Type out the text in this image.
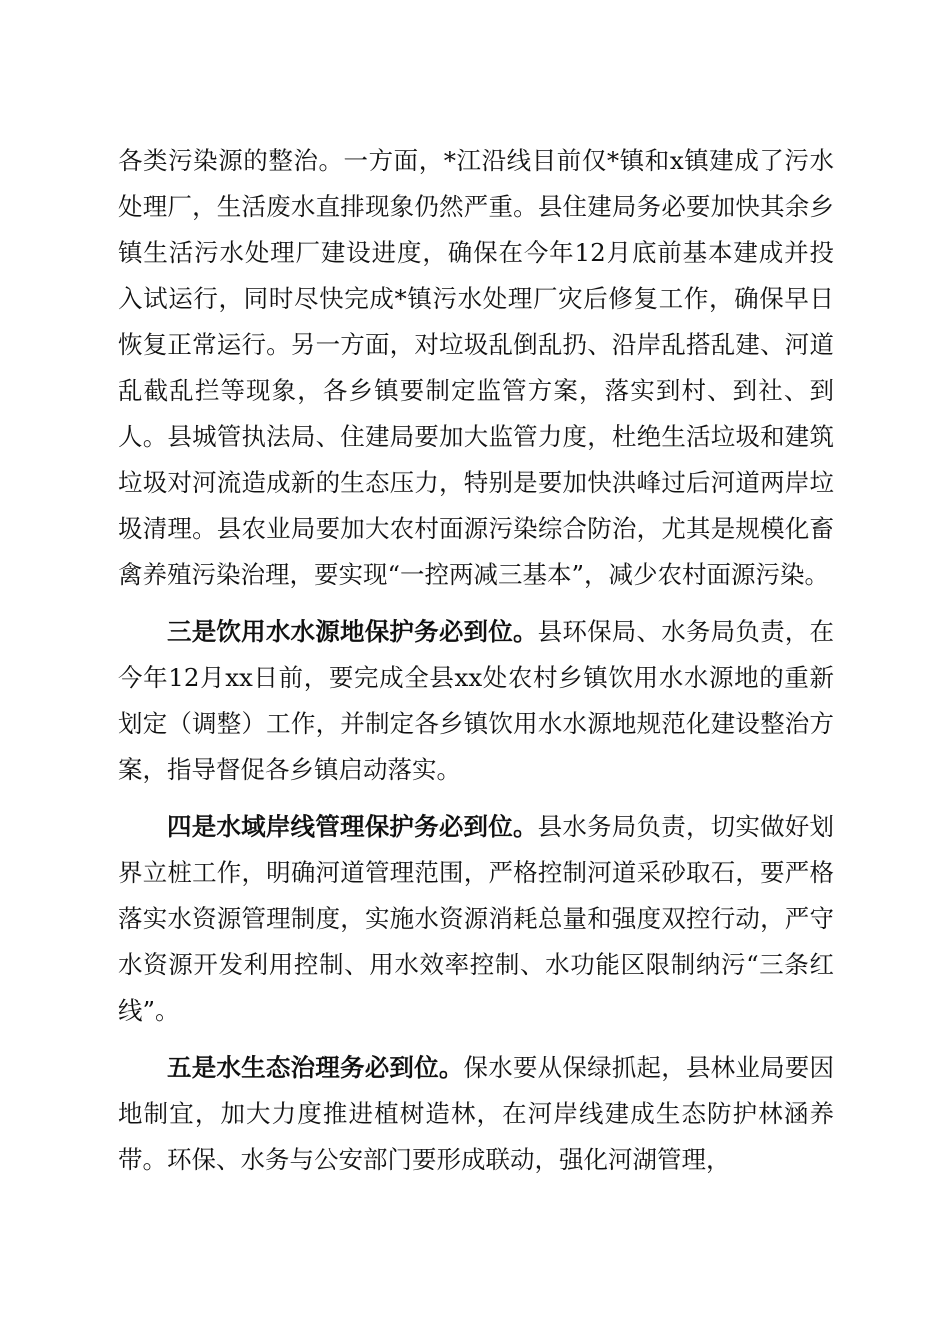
各类污染源的整治。一方面，*江沿线目前仅*镇和x镇建成了污水处理厂，生活废水直排现象仍然严重。县住建局务必要加快其余乡镇生活污水处理厂建设进度，确保在今年12月底前基本建成并投入试运行，同时尽快完成*镇污水处理厂灾后修复工作，确保早日恢复正常运行。另一方面，对垃圾乱倒乱扔、沿岸乱搭乱建、河道乱截乱拦等现象，各乡镇要制定监管方案，落实到村、到社、到人。县城管执法局、住建局要加大监管力度，杜绝生活垃圾和建筑垃圾对河流造成新的生态压力，特别是要加快洪峰过后河道两岸垃圾清理。县农业局要加大农村面源污染综合防治，尤其是规模化畜禽养殖污染治理，要实现“一控两减三基本”，减少农村面源污染。

三是饮用水水源地保护务必到位。县环保局、水务局负责，在今年12月xx日前，要完成全县xx处农村乡镇饮用水水源地的重新划定（调整）工作，并制定各乡镇饮用水水源地规范化建设整治方案，指导督促各乡镇启动落实。

四是水域岸线管理保护务必到位。县水务局负责，切实做好划界立桩工作，明确河道管理范围，严格控制河道采砂取石，要严格落实水资源管理制度，实施水资源消耗总量和强度双控行动，严守水资源开发利用控制、用水效率控制、水功能区限制纳污“三条红线”。

五是水生态治理务必到位。保水要从保绿抓起，县林业局要因地制宜，加大力度推进植树造林，在河岸线建成生态防护林涵养带。环保、水务与公安部门要形成联动，强化河湖管理，
